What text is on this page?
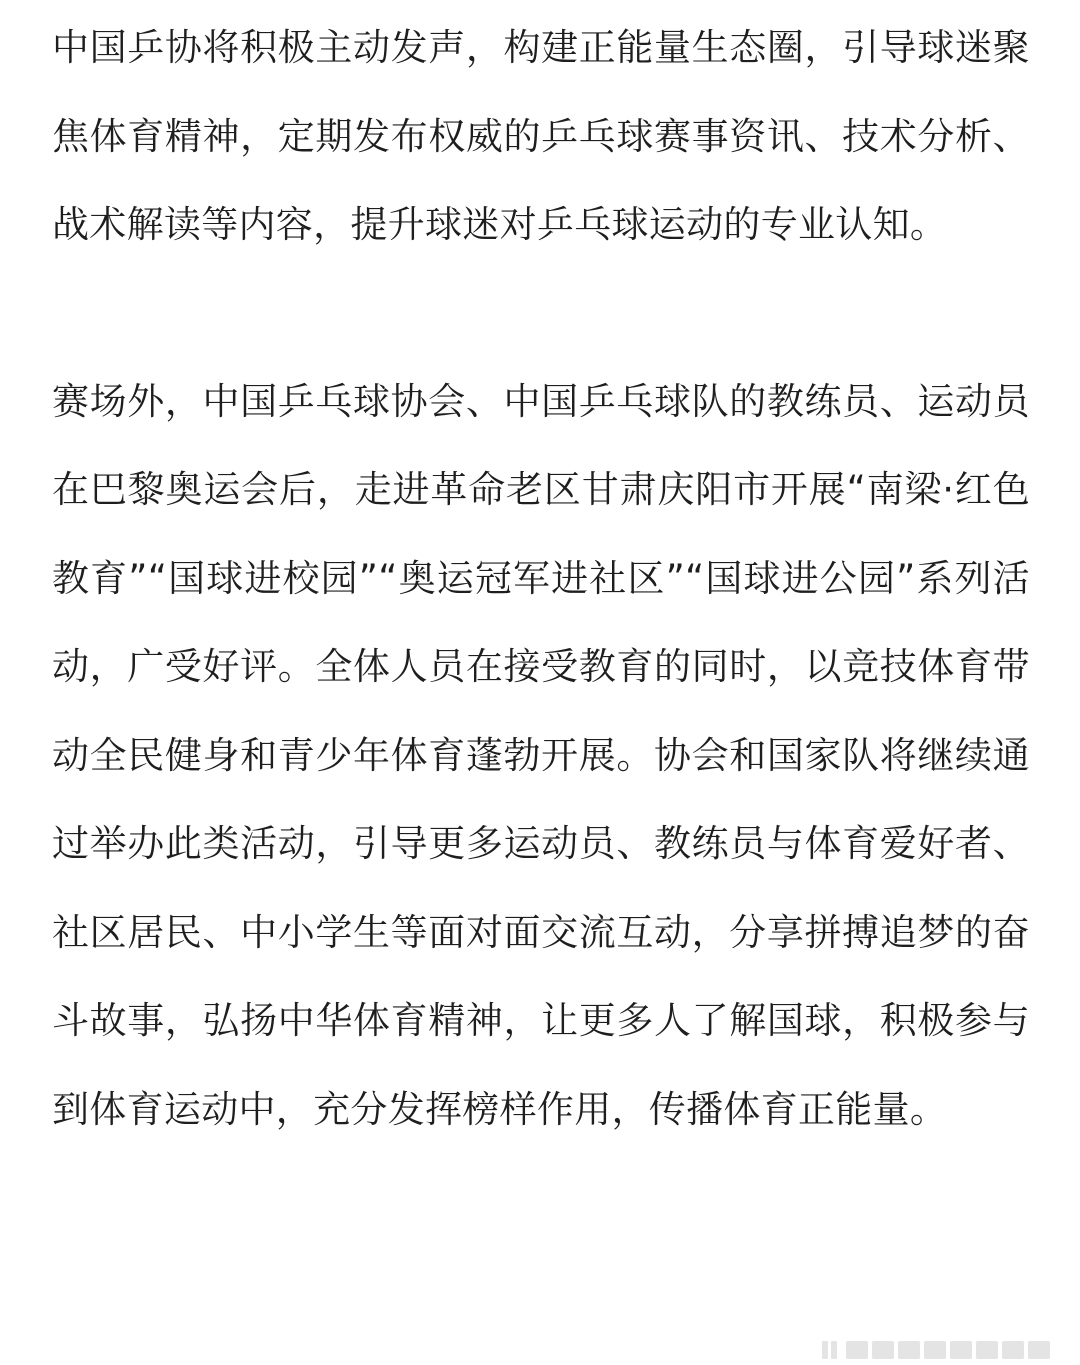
中国乒协将积极主动发声，构建正能量生态圈，引导球迷聚焦体育精神，定期发布权威的乒乓球赛事资讯、技术分析、战术解读等内容，提升球迷对乒乓球运动的专业认知。

赛场外，中国乒乓球协会、中国乒乓球队的教练员、运动员在巴黎奥运会后，走进革命老区甘肃庆阳市开展“南梁·红色教育”“国球进校园”“奥运冠军进社区”“国球进公园”系列活动，广受好评。全体人员在接受教育的同时，以竞技体育带动全民健身和青少年体育蓬勃开展。协会和国家队将继续通过举办此类活动，引导更多运动员、教练员与体育爱好者、社区居民、中小学生等面对面交流互动，分享拼搏追梦的奋斗故事，弘扬中华体育精神，让更多人了解国球，积极参与到体育运动中，充分发挥榜样作用，传播体育正能量。
